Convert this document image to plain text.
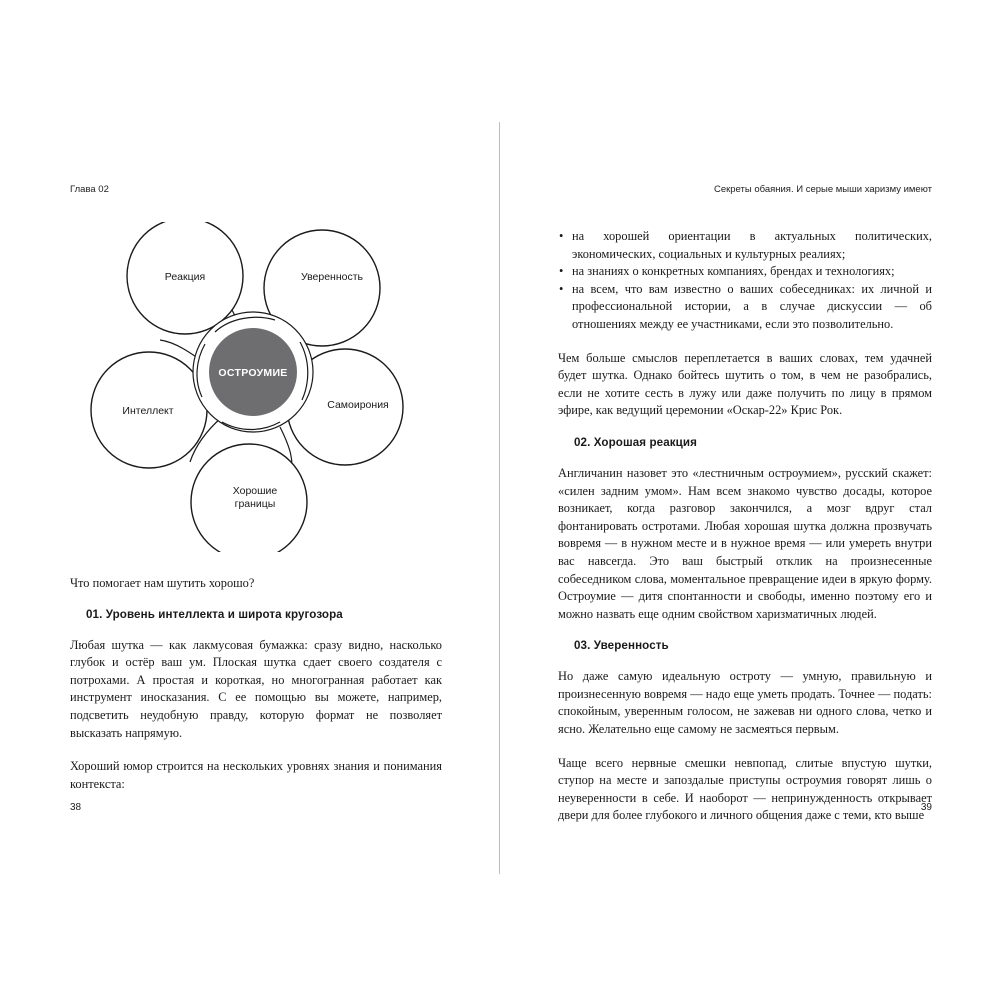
Глава 02
ОСТРОУМИЕ
Реакция	Уверенность
Самоирония
Хорошие
границы
Интеллект

Что помогает нам шутить хорошо?

01. Уровень интеллекта и широта кругозора

Любая шутка — как лакмусовая бумажка: сразу видно, насколько глубок и остёр ваш ум. Плоская шутка сдает своего создателя с потрохами. А простая и короткая, но многогранная работает как инструмент иносказания. С ее помощью вы можете, например, подсветить неудобную правду, которую формат не позволяет высказать напрямую.

Хороший юмор строится на нескольких уровнях знания и понимания контекста:

38
Секреты обаяния. И серые мыши харизму имеют
• на хорошей ориентации в актуальных политических, экономических, социальных и культурных реалиях;
• на знаниях о конкретных компаниях, брендах и технологиях;
• на всем, что вам известно о ваших собеседниках: их личной и профессиональной истории, а в случае дискуссии — об отношениях между ее участниками, если это позволительно.

Чем больше смыслов переплетается в ваших словах, тем удачней будет шутка. Однако бойтесь шутить о том, в чем не разобрались, если не хотите сесть в лужу или даже получить по лицу в прямом эфире, как ведущий церемонии «Оскар-22» Крис Рок.

02. Хорошая реакция

Англичанин назовет это «лестничным остроумием», русский скажет: «силен задним умом». Нам всем знакомо чувство досады, которое возникает, когда разговор закончился, а мозг вдруг стал фонтанировать остротами. Любая хорошая шутка должна прозвучать вовремя — в нужном месте и в нужное время — или умереть внутри вас навсегда. Это ваш быстрый отклик на произнесенные собеседником слова, моментальное превращение идеи в яркую форму. Остроумие — дитя спонтанности и свободы, именно поэтому его и можно назвать еще одним свойством харизматичных людей.

03. Уверенность

Но даже самую идеальную остроту — умную, правильную и произнесенную вовремя — надо еще уметь продать. Точнее — подать: спокойным, уверенным голосом, не зажевав ни одного слова, четко и ясно. Желательно еще самому не засмеяться первым.

Чаще всего нервные смешки невпопад, слитые впустую шутки, ступор на месте и запоздалые приступы остроумия говорят лишь о неуверенности в себе. И наоборот — непринужденность открывает двери для более глубокого и личного общения даже с теми, кто выше

39
